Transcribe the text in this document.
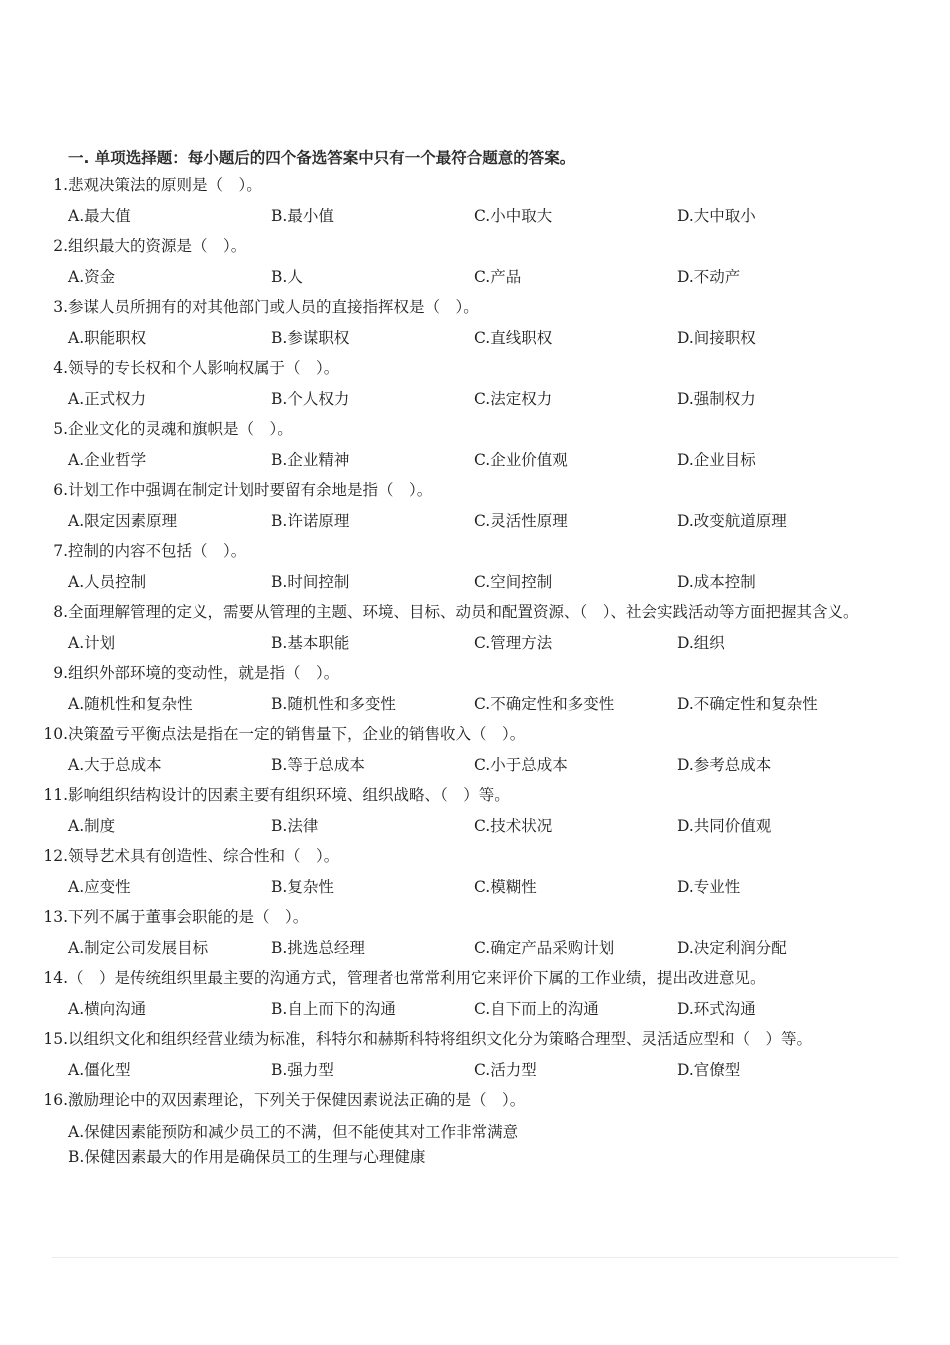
一. 单项选择题：每小题后的四个备选答案中只有一个最符合题意的答案。
1. 悲观决策法的原则是（　）。
A.最大值	B.最小值	C.小中取大	D.大中取小
2. 组织最大的资源是（　）。
A.资金	B.人	C.产品	D.不动产
3. 参谋人员所拥有的对其他部门或人员的直接指挥权是（　）。
A.职能职权	B.参谋职权	C.直线职权	D.间接职权
4. 领导的专长权和个人影响权属于（　）。
A.正式权力	B.个人权力	C.法定权力	D.强制权力
5. 企业文化的灵魂和旗帜是（　）。
A.企业哲学	B.企业精神	C.企业价值观	D.企业目标
6. 计划工作中强调在制定计划时要留有余地是指（　）。
A.限定因素原理	B.许诺原理	C.灵活性原理	D.改变航道原理
7. 控制的内容不包括（　）。
A.人员控制	B.时间控制	C.空间控制	D.成本控制
8. 全面理解管理的定义，需要从管理的主题、环境、目标、动员和配置资源、（　）、社会实践活动等方面把握其含义。
A.计划	B.基本职能	C.管理方法	D.组织
9. 组织外部环境的变动性，就是指（　）。
A.随机性和复杂性	B.随机性和多变性	C.不确定性和多变性	D.不确定性和复杂性
10. 决策盈亏平衡点法是指在一定的销售量下，企业的销售收入（　）。
A.大于总成本	B.等于总成本	C.小于总成本	D.参考总成本
11. 影响组织结构设计的因素主要有组织环境、组织战略、（　）等。
A.制度	B.法律	C.技术状况	D.共同价值观
12. 领导艺术具有创造性、综合性和（　）。
A.应变性	B.复杂性	C.模糊性	D.专业性
13. 下列不属于董事会职能的是（　）。
A.制定公司发展目标	B.挑选总经理	C.确定产品采购计划	D.决定利润分配
14. （　）是传统组织里最主要的沟通方式，管理者也常常利用它来评价下属的工作业绩，提出改进意见。
A.横向沟通	B.自上而下的沟通	C.自下而上的沟通	D.环式沟通
15. 以组织文化和组织经营业绩为标准，科特尔和赫斯科特将组织文化分为策略合理型、灵活适应型和（　）等。
A.僵化型	B.强力型	C.活力型	D.官僚型
16. 激励理论中的双因素理论，下列关于保健因素说法正确的是（　）。
A.保健因素能预防和减少员工的不满，但不能使其对工作非常满意
B.保健因素最大的作用是确保员工的生理与心理健康
